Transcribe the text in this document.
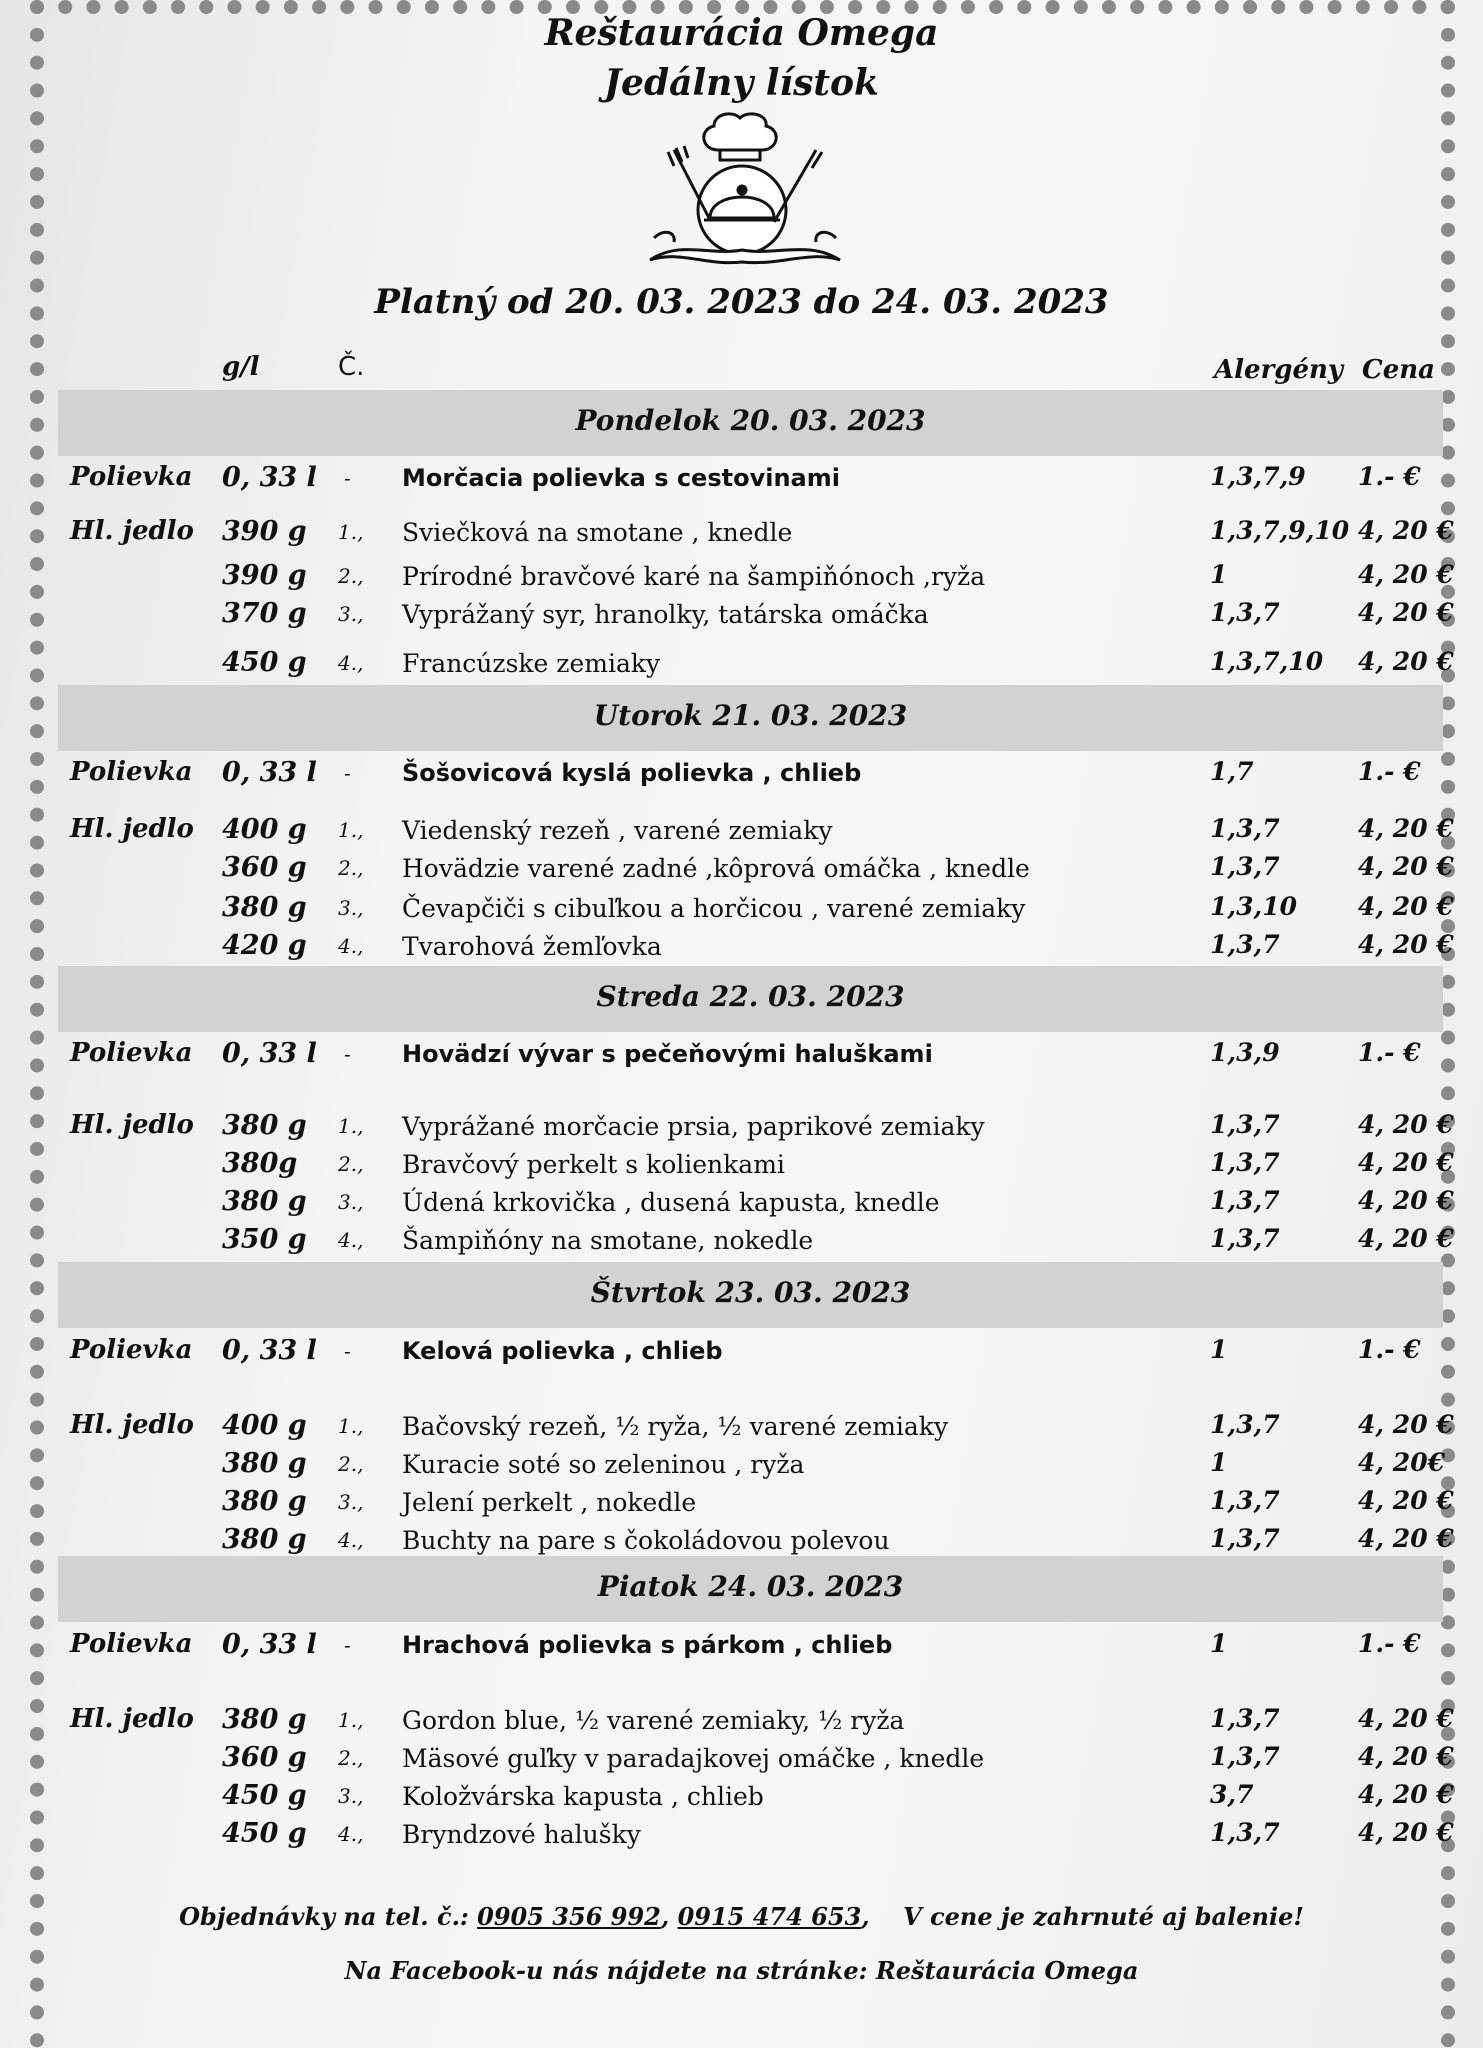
Reštaurácia Omega
Jedálny lístok
Platný od 20. 03. 2023 do 24. 03. 2023
g/l	Č.	Alergény Cena
Pondelok 20. 03. 2023
Polievka 0, 33 l - Morčacia polievka s cestovinami	1,3,7,9 1.- €
Hl. jedlo 390 g 1., Sviečková na smotane , knedle	1,3,7,9,10 4, 20 €
390 g 2., Prírodné bravčové karé na šampiňónoch ,ryža	1	4, 20 €
370 g 3., Vyprážaný syr, hranolky, tatárska omáčka	1,3,7	4, 20 €
450 g 4., Francúzske zemiaky	1,3,7,10 4, 20 €
Utorok 21. 03. 2023
Polievka 0, 33 l - Šošovicová kyslá polievka , chlieb	1,7	1.- €
Hl. jedlo 400 g 1., Viedenský rezeň , varené zemiaky	1,3,7	4, 20 €
360 g 2., Hovädzie varené zadné ,kôprová omáčka , knedle	1,3,7	4, 20 €
380 g 3., Čevapčiči s cibuľkou a horčicou , varené zemiaky	1,3,10 4, 20 €
420 g 4., Tvarohová žemľovka	1,3,7	4, 20 €
Streda 22. 03. 2023
Polievka 0, 33 l - Hovädzí vývar s pečeňovými haluškami	1,3,9	1.- €
Hl. jedlo 380 g 1., Vyprážané morčacie prsia, paprikové zemiaky	1,3,7	4, 20 €
380g 2., Bravčový perkelt s kolienkami	1,3,7	4, 20 €
380 g 3., Údená krkovička , dusená kapusta, knedle	1,3,7	4, 20 €
350 g 4., Šampiňóny na smotane, nokedle	1,3,7	4, 20 €
Štvrtok 23. 03. 2023
Polievka 0, 33 l - Kelová polievka , chlieb	1	1.- €
Hl. jedlo 400 g 1., Bačovský rezeň, ½ ryža, ½ varené zemiaky	1,3,7	4, 20 €
380 g 2., Kuracie soté so zeleninou , ryža	1	4, 20€
380 g 3., Jelení perkelt , nokedle	1,3,7	4, 20 €
380 g 4., Buchty na pare s čokoládovou polevou	1,3,7	4, 20 €
Piatok 24. 03. 2023
Polievka 0, 33 l - Hrachová polievka s párkom , chlieb	1	1.- €
Hl. jedlo 380 g 1., Gordon blue, ½ varené zemiaky, ½ ryža	1,3,7	4, 20 €
360 g 2., Mäsové guľky v paradajkovej omáčke , knedle	1,3,7	4, 20 €
450 g 3., Koložvárska kapusta , chlieb	3,7	4, 20 €
450 g 4., Bryndzové halušky	1,3,7	4, 20 €
Objednávky na tel. č.: 0905 356 992, 0915 474 653,    V cene je zahrnuté aj balenie!
Na Facebook-u nás nájdete na stránke: Reštaurácia Omega
